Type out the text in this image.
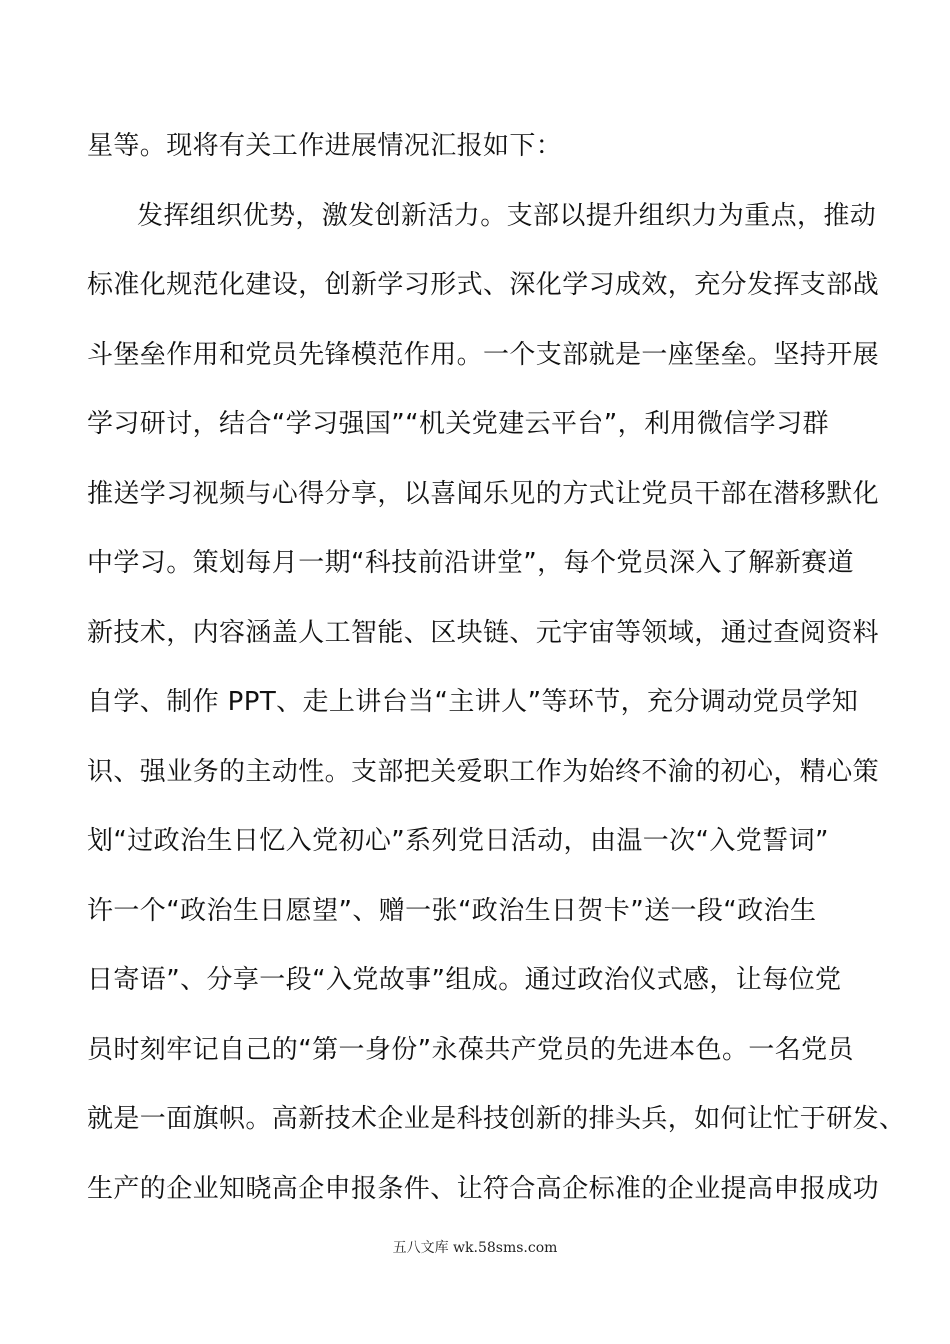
星等。现将有关工作进展情况汇报如下：
发挥组织优势，激发创新活力。支部以提升组织力为重点，推动
标准化规范化建设，创新学习形式、深化学习成效，充分发挥支部战
斗堡垒作用和党员先锋模范作用。一个支部就是一座堡垒。坚持开展
学习研讨，结合“学习强国”“机关党建云平台”，利用微信学习群
推送学习视频与心得分享，以喜闻乐见的方式让党员干部在潜移默化
中学习。策划每月一期“科技前沿讲堂”，每个党员深入了解新赛道
新技术，内容涵盖人工智能、区块链、元宇宙等领域，通过查阅资料
自学、制作 PPT、走上讲台当“主讲人”等环节，充分调动党员学知
识、强业务的主动性。支部把关爱职工作为始终不渝的初心，精心策
划“过政治生日忆入党初心”系列党日活动，由温一次“入党誓词”
许一个“政治生日愿望”、赠一张“政治生日贺卡”送一段“政治生
日寄语”、分享一段“入党故事”组成。通过政治仪式感，让每位党
员时刻牢记自己的“第一身份”永葆共产党员的先进本色。一名党员
就是一面旗帜。高新技术企业是科技创新的排头兵，如何让忙于研发、
生产的企业知晓高企申报条件、让符合高企标准的企业提高申报成功
五八文库 wk.58sms.com
